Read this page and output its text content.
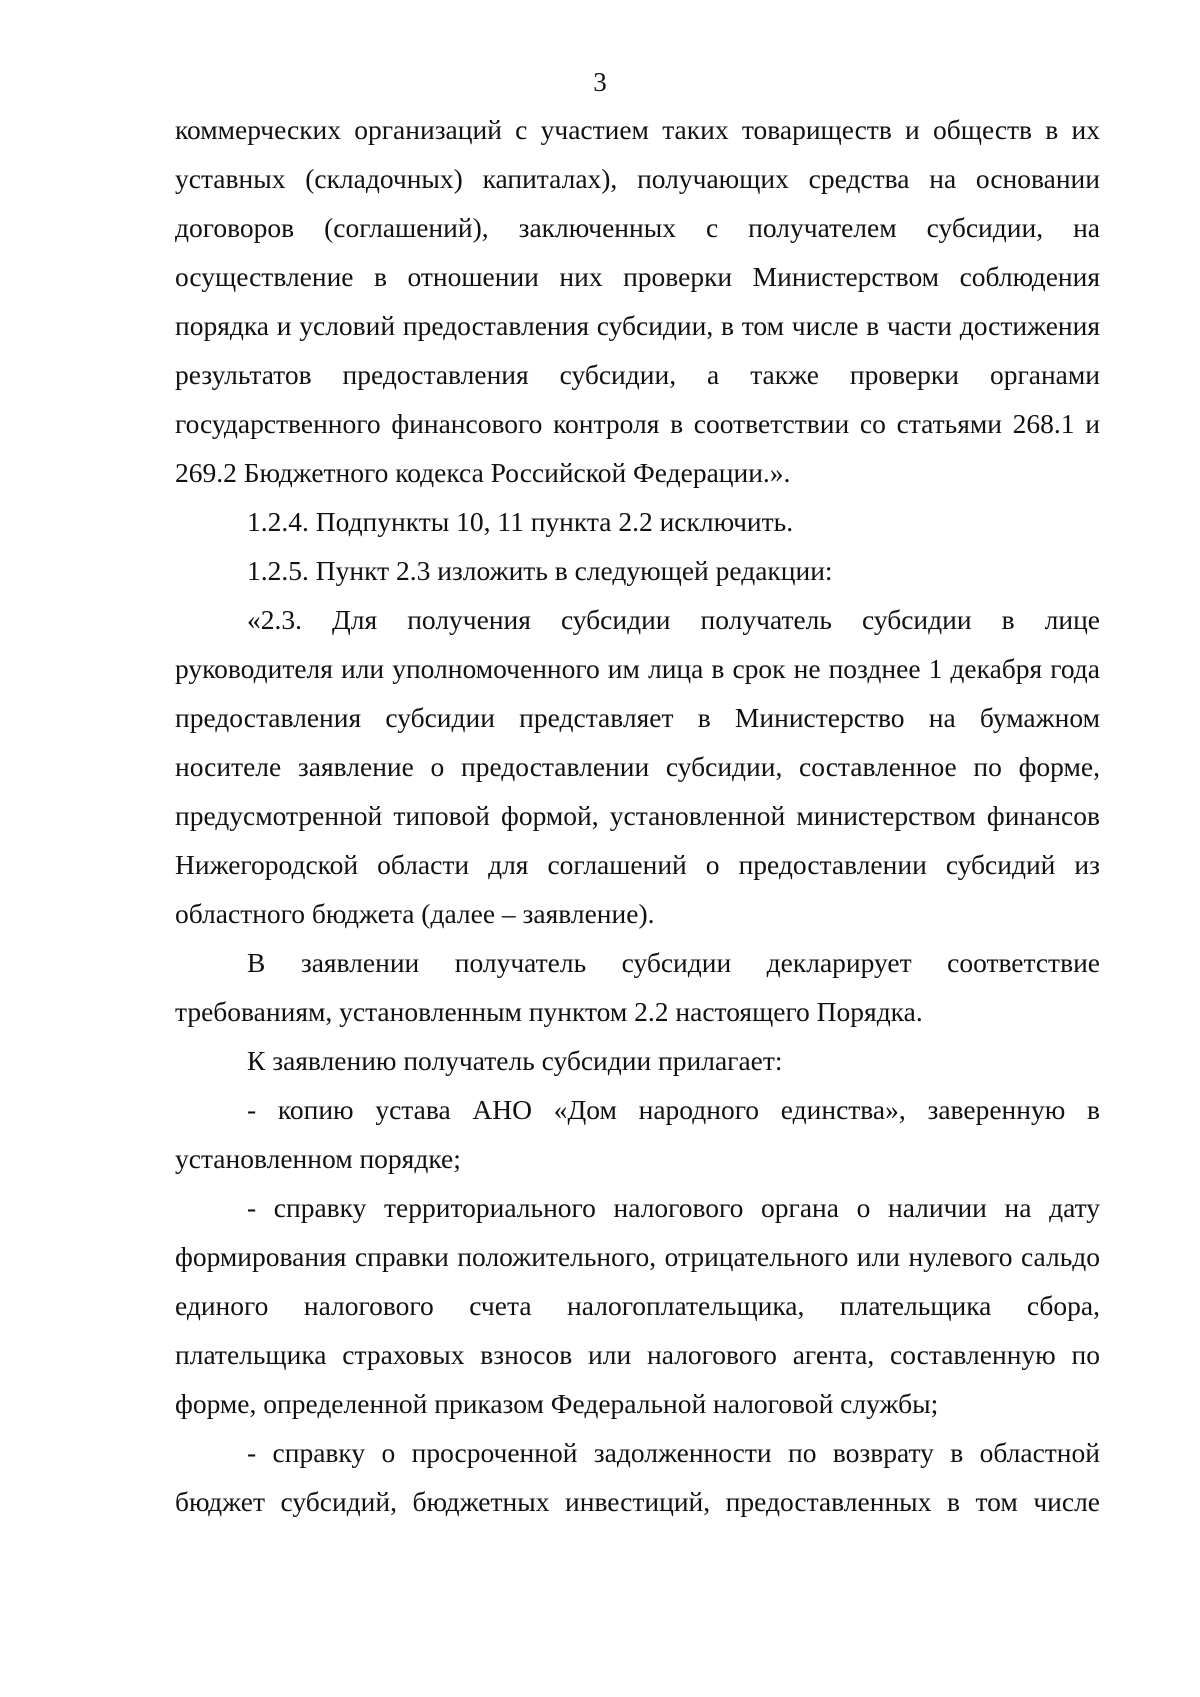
3

коммерческих организаций с участием таких товариществ и обществ в их уставных (складочных) капиталах), получающих средства на основании договоров (соглашений), заключенных с получателем субсидии, на осуществление в отношении них проверки Министерством соблюдения порядка и условий предоставления субсидии, в том числе в части достижения результатов предоставления субсидии, а также проверки органами государственного финансового контроля в соответствии со статьями 268.1 и 269.2 Бюджетного кодекса Российской Федерации.».

1.2.4. Подпункты 10, 11 пункта 2.2 исключить.

1.2.5. Пункт 2.3 изложить в следующей редакции:

«2.3. Для получения субсидии получатель субсидии в лице руководителя или уполномоченного им лица в срок не позднее 1 декабря года предоставления субсидии представляет в Министерство на бумажном носителе заявление о предоставлении субсидии, составленное по форме, предусмотренной типовой формой, установленной министерством финансов Нижегородской области для соглашений о предоставлении субсидий из областного бюджета (далее – заявление).

В заявлении получатель субсидии декларирует соответствие требованиям, установленным пунктом 2.2 настоящего Порядка.

К заявлению получатель субсидии прилагает:

- копию устава АНО «Дом народного единства», заверенную в установленном порядке;

- справку территориального налогового органа о наличии на дату формирования справки положительного, отрицательного или нулевого сальдо единого налогового счета налогоплательщика, плательщика сбора, плательщика страховых взносов или налогового агента, составленную по форме, определенной приказом Федеральной налоговой службы;

- справку о просроченной задолженности по возврату в областной бюджет субсидий, бюджетных инвестиций, предоставленных в том числе
